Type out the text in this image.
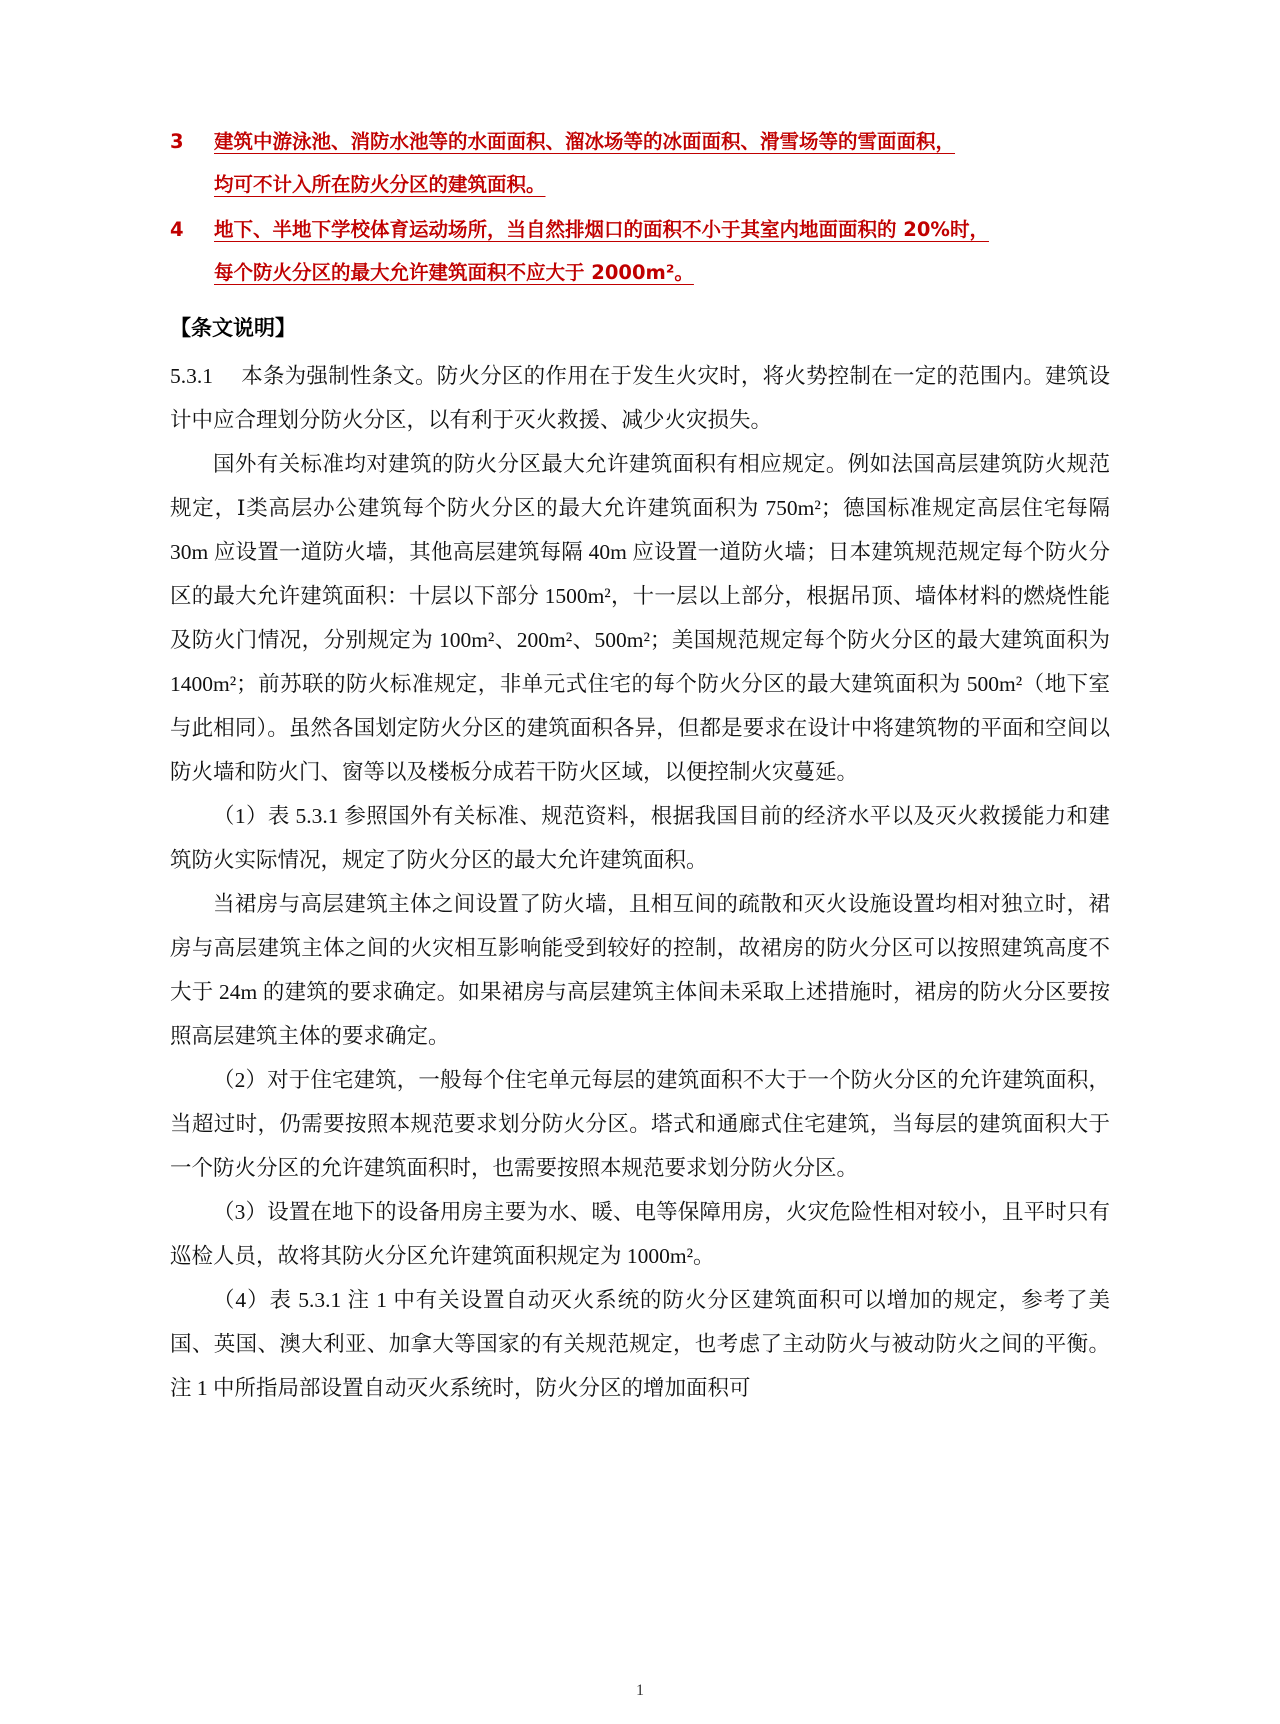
3 建筑中游泳池、消防水池等的水面面积、溜冰场等的冰面面积、滑雪场等的雪面面积，
均可不计入所在防火分区的建筑面积。
4 地下、半地下学校体育运动场所，当自然排烟口的面积不小于其室内地面面积的 20%时，
每个防火分区的最大允许建筑面积不应大于 2000m²。
【条文说明】

5.3.1 本条为强制性条文。防火分区的作用在于发生火灾时，将火势控制在一定的范围内。建筑设计中应合理划分防火分区，以有利于灭火救援、减少火灾损失。

国外有关标准均对建筑的防火分区最大允许建筑面积有相应规定。例如法国高层建筑防火规范规定，Ⅰ类高层办公建筑每个防火分区的最大允许建筑面积为 750m²；德国标准规定高层住宅每隔 30m 应设置一道防火墙，其他高层建筑每隔 40m 应设置一道防火墙；日本建筑规范规定每个防火分区的最大允许建筑面积：十层以下部分 1500m²，十一层以上部分，根据吊顶、墙体材料的燃烧性能及防火门情况，分别规定为 100m²、200m²、500m²；美国规范规定每个防火分区的最大建筑面积为 1400m²；前苏联的防火标准规定，非单元式住宅的每个防火分区的最大建筑面积为 500m²（地下室与此相同）。虽然各国划定防火分区的建筑面积各异，但都是要求在设计中将建筑物的平面和空间以防火墙和防火门、窗等以及楼板分成若干防火区域，以便控制火灾蔓延。

（1）表 5.3.1 参照国外有关标准、规范资料，根据我国目前的经济水平以及灭火救援能力和建筑防火实际情况，规定了防火分区的最大允许建筑面积。

当裙房与高层建筑主体之间设置了防火墙，且相互间的疏散和灭火设施设置均相对独立时，裙房与高层建筑主体之间的火灾相互影响能受到较好的控制，故裙房的防火分区可以按照建筑高度不大于 24m 的建筑的要求确定。如果裙房与高层建筑主体间未采取上述措施时，裙房的防火分区要按照高层建筑主体的要求确定。

（2）对于住宅建筑，一般每个住宅单元每层的建筑面积不大于一个防火分区的允许建筑面积，当超过时，仍需要按照本规范要求划分防火分区。塔式和通廊式住宅建筑，当每层的建筑面积大于一个防火分区的允许建筑面积时，也需要按照本规范要求划分防火分区。

（3）设置在地下的设备用房主要为水、暖、电等保障用房，火灾危险性相对较小，且平时只有巡检人员，故将其防火分区允许建筑面积规定为 1000m²。

（4）表 5.3.1 注 1 中有关设置自动灭火系统的防火分区建筑面积可以增加的规定，参考了美国、英国、澳大利亚、加拿大等国家的有关规范规定，也考虑了主动防火与被动防火之间的平衡。注 1 中所指局部设置自动灭火系统时，防火分区的增加面积可

1
